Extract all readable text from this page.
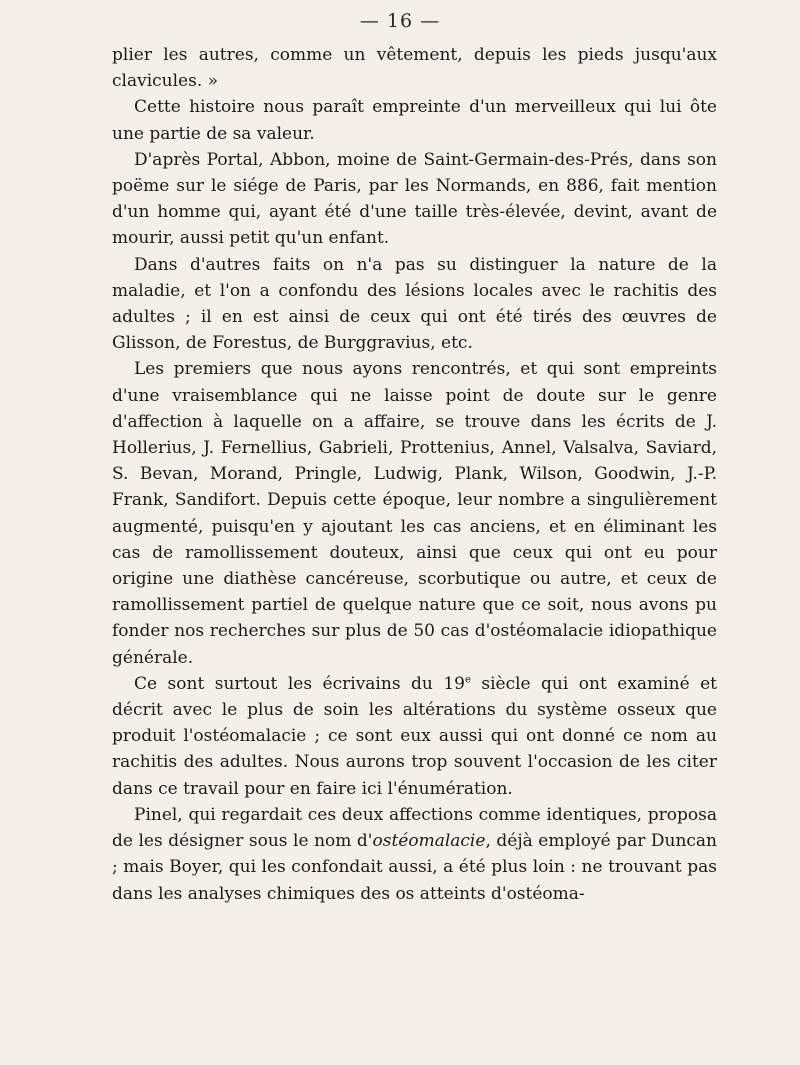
— 16 —

plier les autres, comme un vêtement, depuis les pieds jusqu'aux clavicules. »

Cette histoire nous paraît empreinte d'un merveilleux qui lui ôte une partie de sa valeur.

D'après Portal, Abbon, moine de Saint-Germain-des-Prés, dans son poëme sur le siége de Paris, par les Normands, en 886, fait mention d'un homme qui, ayant été d'une taille très-élevée, devint, avant de mourir, aussi petit qu'un enfant.

Dans d'autres faits on n'a pas su distinguer la nature de la maladie, et l'on a confondu des lésions locales avec le rachitis des adultes ; il en est ainsi de ceux qui ont été tirés des œuvres de Glisson, de Forestus, de Burggravius, etc.

Les premiers que nous ayons rencontrés, et qui sont empreints d'une vraisemblance qui ne laisse point de doute sur le genre d'affection à laquelle on a affaire, se trouve dans les écrits de J. Hollerius, J. Fernellius, Gabrieli, Prottenius, Annel, Valsalva, Saviard, S. Bevan, Morand, Pringle, Ludwig, Plank, Wilson, Goodwin, J.-P. Frank, Sandifort. Depuis cette époque, leur nombre a singulièrement augmenté, puisqu'en y ajoutant les cas anciens, et en éliminant les cas de ramollissement douteux, ainsi que ceux qui ont eu pour origine une diathèse cancéreuse, scorbutique ou autre, et ceux de ramollissement partiel de quelque nature que ce soit, nous avons pu fonder nos recherches sur plus de 50 cas d'ostéomalacie idiopathique générale.

Ce sont surtout les écrivains du 19e siècle qui ont examiné et décrit avec le plus de soin les altérations du système osseux que produit l'ostéomalacie ; ce sont eux aussi qui ont donné ce nom au rachitis des adultes. Nous aurons trop souvent l'occasion de les citer dans ce travail pour en faire ici l'énumération.

Pinel, qui regardait ces deux affections comme identiques, proposa de les désigner sous le nom d'ostéomalacie, déjà employé par Duncan ; mais Boyer, qui les confondait aussi, a été plus loin : ne trouvant pas dans les analyses chimiques des os atteints d'ostéoma-
